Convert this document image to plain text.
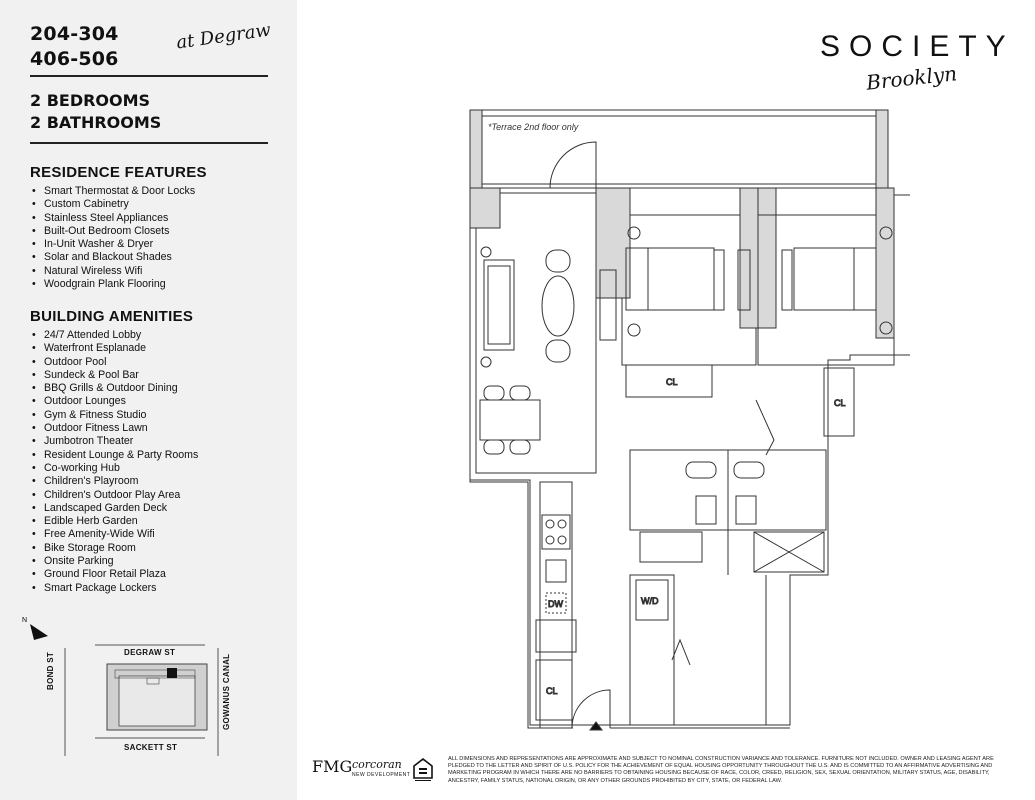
204-304
406-506
at Degraw
2 BEDROOMS
2 BATHROOMS
RESIDENCE FEATURES
• Smart Thermostat & Door Locks
• Custom Cabinetry
• Stainless Steel Appliances
• Built-Out Bedroom Closets
• In-Unit Washer & Dryer
• Solar and Blackout Shades
• Natural Wireless Wifi
• Woodgrain Plank Flooring
BUILDING AMENITIES
• 24/7 Attended Lobby
• Waterfront Esplanade
• Outdoor Pool
• Sundeck & Pool Bar
• BBQ Grills & Outdoor Dining
• Outdoor Lounges
• Gym & Fitness Studio
• Outdoor Fitness Lawn
• Jumbotron Theater
• Resident Lounge & Party Rooms
• Co-working Hub
• Children's Playroom
• Children's Outdoor Play Area
• Landscaped Garden Deck
• Edible Herb Garden
• Free Amenity-Wide Wifi
• Bike Storage Room
• Onsite Parking
• Ground Floor Retail Plaza
• Smart Package Lockers
N
DEGRAW ST
SACKETT ST
BOND ST	GOWANUS CANAL
SOCIETY
Brooklyn
CL
CL
DW
CL
W/D
*Terrace 2nd floor only
FMG corcoran
NEW DEVELOPMENT
ALL DIMENSIONS AND REPRESENTATIONS ARE APPROXIMATE AND SUBJECT TO NOMINAL CONSTRUCTION VARIANCE AND TOLERANCE. FURNITURE NOT INCLUDED. OWNER AND LEASING AGENT ARE PLEDGED TO THE LETTER AND SPIRIT OF U.S. POLICY FOR THE ACHIEVEMENT OF EQUAL HOUSING OPPORTUNITY THROUGHOUT THE U.S. AND IS COMMITTED TO AN AFFIRMATIVE ADVERTISING AND MARKETING PROGRAM IN WHICH THERE ARE NO BARRIERS TO OBTAINING HOUSING BECAUSE OF RACE, COLOR, CREED, RELIGION, SEX, SEXUAL ORIENTATION, MILITARY STATUS, AGE, DISABILITY, ANCESTRY, FAMILY STATUS, NATIONAL ORIGIN, OR ANY OTHER GROUNDS PROHIBITED BY CITY, STATE, OR FEDERAL LAW.
